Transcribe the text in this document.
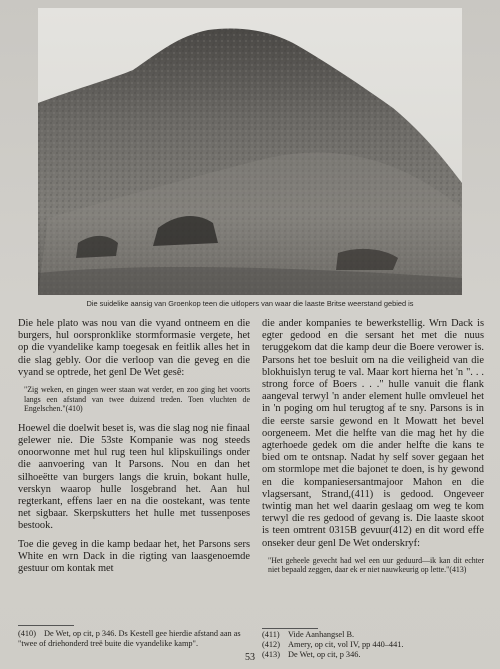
Die suidelike aansig van Groenkop teen die uitlopers van waar die laaste Britse weerstand gebied is

Die hele plato was nou van die vyand ontneem en die burgers, hul oorspronklike stormformasie vergete, het op die vyandelike kamp toegesak en feitlik alles het in die slag gebly. Oor die verloop van die geveg en die vyand se optrede, het genl De Wet gesê:

"Zig weken, en gingen weer staan wat verder, en zoo ging het voorts langs een afstand van twee duizend treden. Toen vluchten de Engelschen."(410)

Hoewel die doelwit beset is, was die slag nog nie finaal gelewer nie. Die 53ste Kompanie was nog steeds onoorwonne met hul rug teen hul klipskuilings onder die aanvoering van lt Parsons. Nou en dan het silhoeëtte van burgers langs die kruin, bokant hulle, verskyn waarop hulle losgebrand het. Aan hul regterkant, effens laer en na die oostekant, was tente net sigbaar. Skerpskutters het hulle met tussenposes bestook.

Toe die geveg in die kamp bedaar het, het Parsons sers White en wrn Dack in die rigting van laasgenoemde gestuur om kontak met

die ander kompanies te bewerkstellig. Wrn Dack is egter gedood en die sersant het met die nuus teruggekom dat die kamp deur die Boere verower is. Parsons het toe besluit om na die veiligheid van die blokhuislyn terug te val. Maar kort hierna het 'n ". . . strong force of Boers . . ." hulle vanuit die flank aangeval terwyl 'n ander element hulle omvleuel het in 'n poging om hul terugtog af te sny. Parsons is in die eerste sarsie gewond en lt Mowatt het bevel oorgeneem. Met die helfte van die mag het hy die agterhoede gedek om die ander helfte die kans te bied om te ontsnap. Nadat hy self sover gegaan het om stormlope met die bajonet te doen, is hy gewond en die kompaniesersantmajoor Mahon en die vlagsersant, Strand,(411) is gedood. Ongeveer twintig man het wel daarin geslaag om weg te kom terwyl die res gedood of gevang is. Die laaste skoot is teen omtrent 0315B gevuur(412) en dit word effe onseker deur genl De Wet onderskryf:

"Het geheele gevecht had wel een uur geduurd—ik kan dit echter niet bepaald zeggen, daar ek er niet nauwkeurig op lette."(413)
(410) De Wet, op cit, p 346. Ds Kestell gee hierdie afstand aan as "twee of driehonderd treë buite die vyandelike kamp".
(411) Vide Aanhangsel B.
(412) Amery, op cit, vol IV, pp 440–441.
(413) De Wet, op cit, p 346.
53
